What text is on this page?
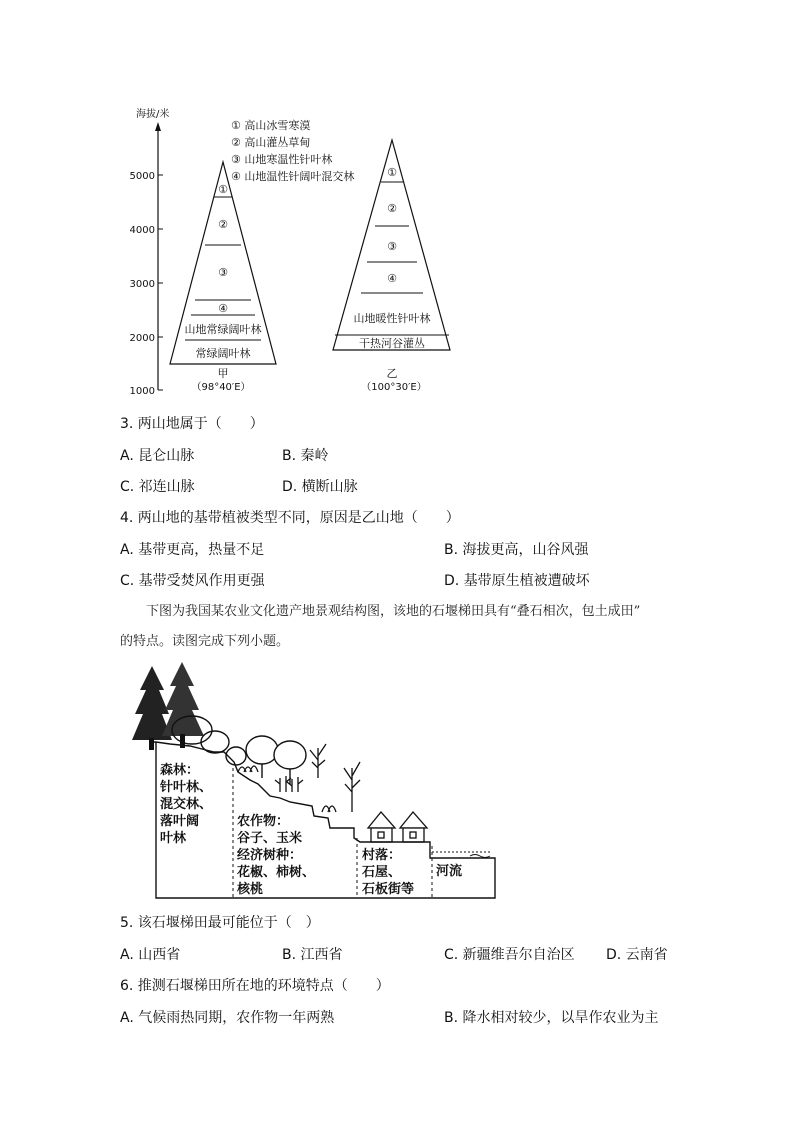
海拔/米
1000
2000
3000
4000
5000
① 高山冰雪寒漠
② 高山灌丛草甸
③ 山地寒温性针叶林
④ 山地温性针阔叶混交林
①
②
③
④
山地常绿阔叶林
常绿阔叶林
甲
（98°40′E）
①
②
③
④
山地暖性针叶林
干热河谷灌丛
乙
（100°30′E）
3. 两山地属于（　　）
A. 昆仑山脉	B. 秦岭
C. 祁连山脉	D. 横断山脉
4. 两山地的基带植被类型不同，原因是乙山地（　　）
A. 基带更高，热量不足	B. 海拔更高，山谷风强
C. 基带受焚风作用更强	D. 基带原生植被遭破坏
下图为我国某农业文化遗产地景观结构图，该地的石堰梯田具有“叠石相次，包土成田”
的特点。读图完成下列小题。
森林：
针叶林、
混交林、
落叶阔
叶林
农作物：
谷子、玉米
经济树种：
花椒、柿树、
核桃
村落：
石屋、
石板街等
河流
5. 该石堰梯田最可能位于（　）
A. 山西省	B. 江西省	C. 新疆维吾尔自治区 D. 云南省
6. 推测石堰梯田所在地的环境特点（　　）
A. 气候雨热同期，农作物一年两熟	B. 降水相对较少，以旱作农业为主
